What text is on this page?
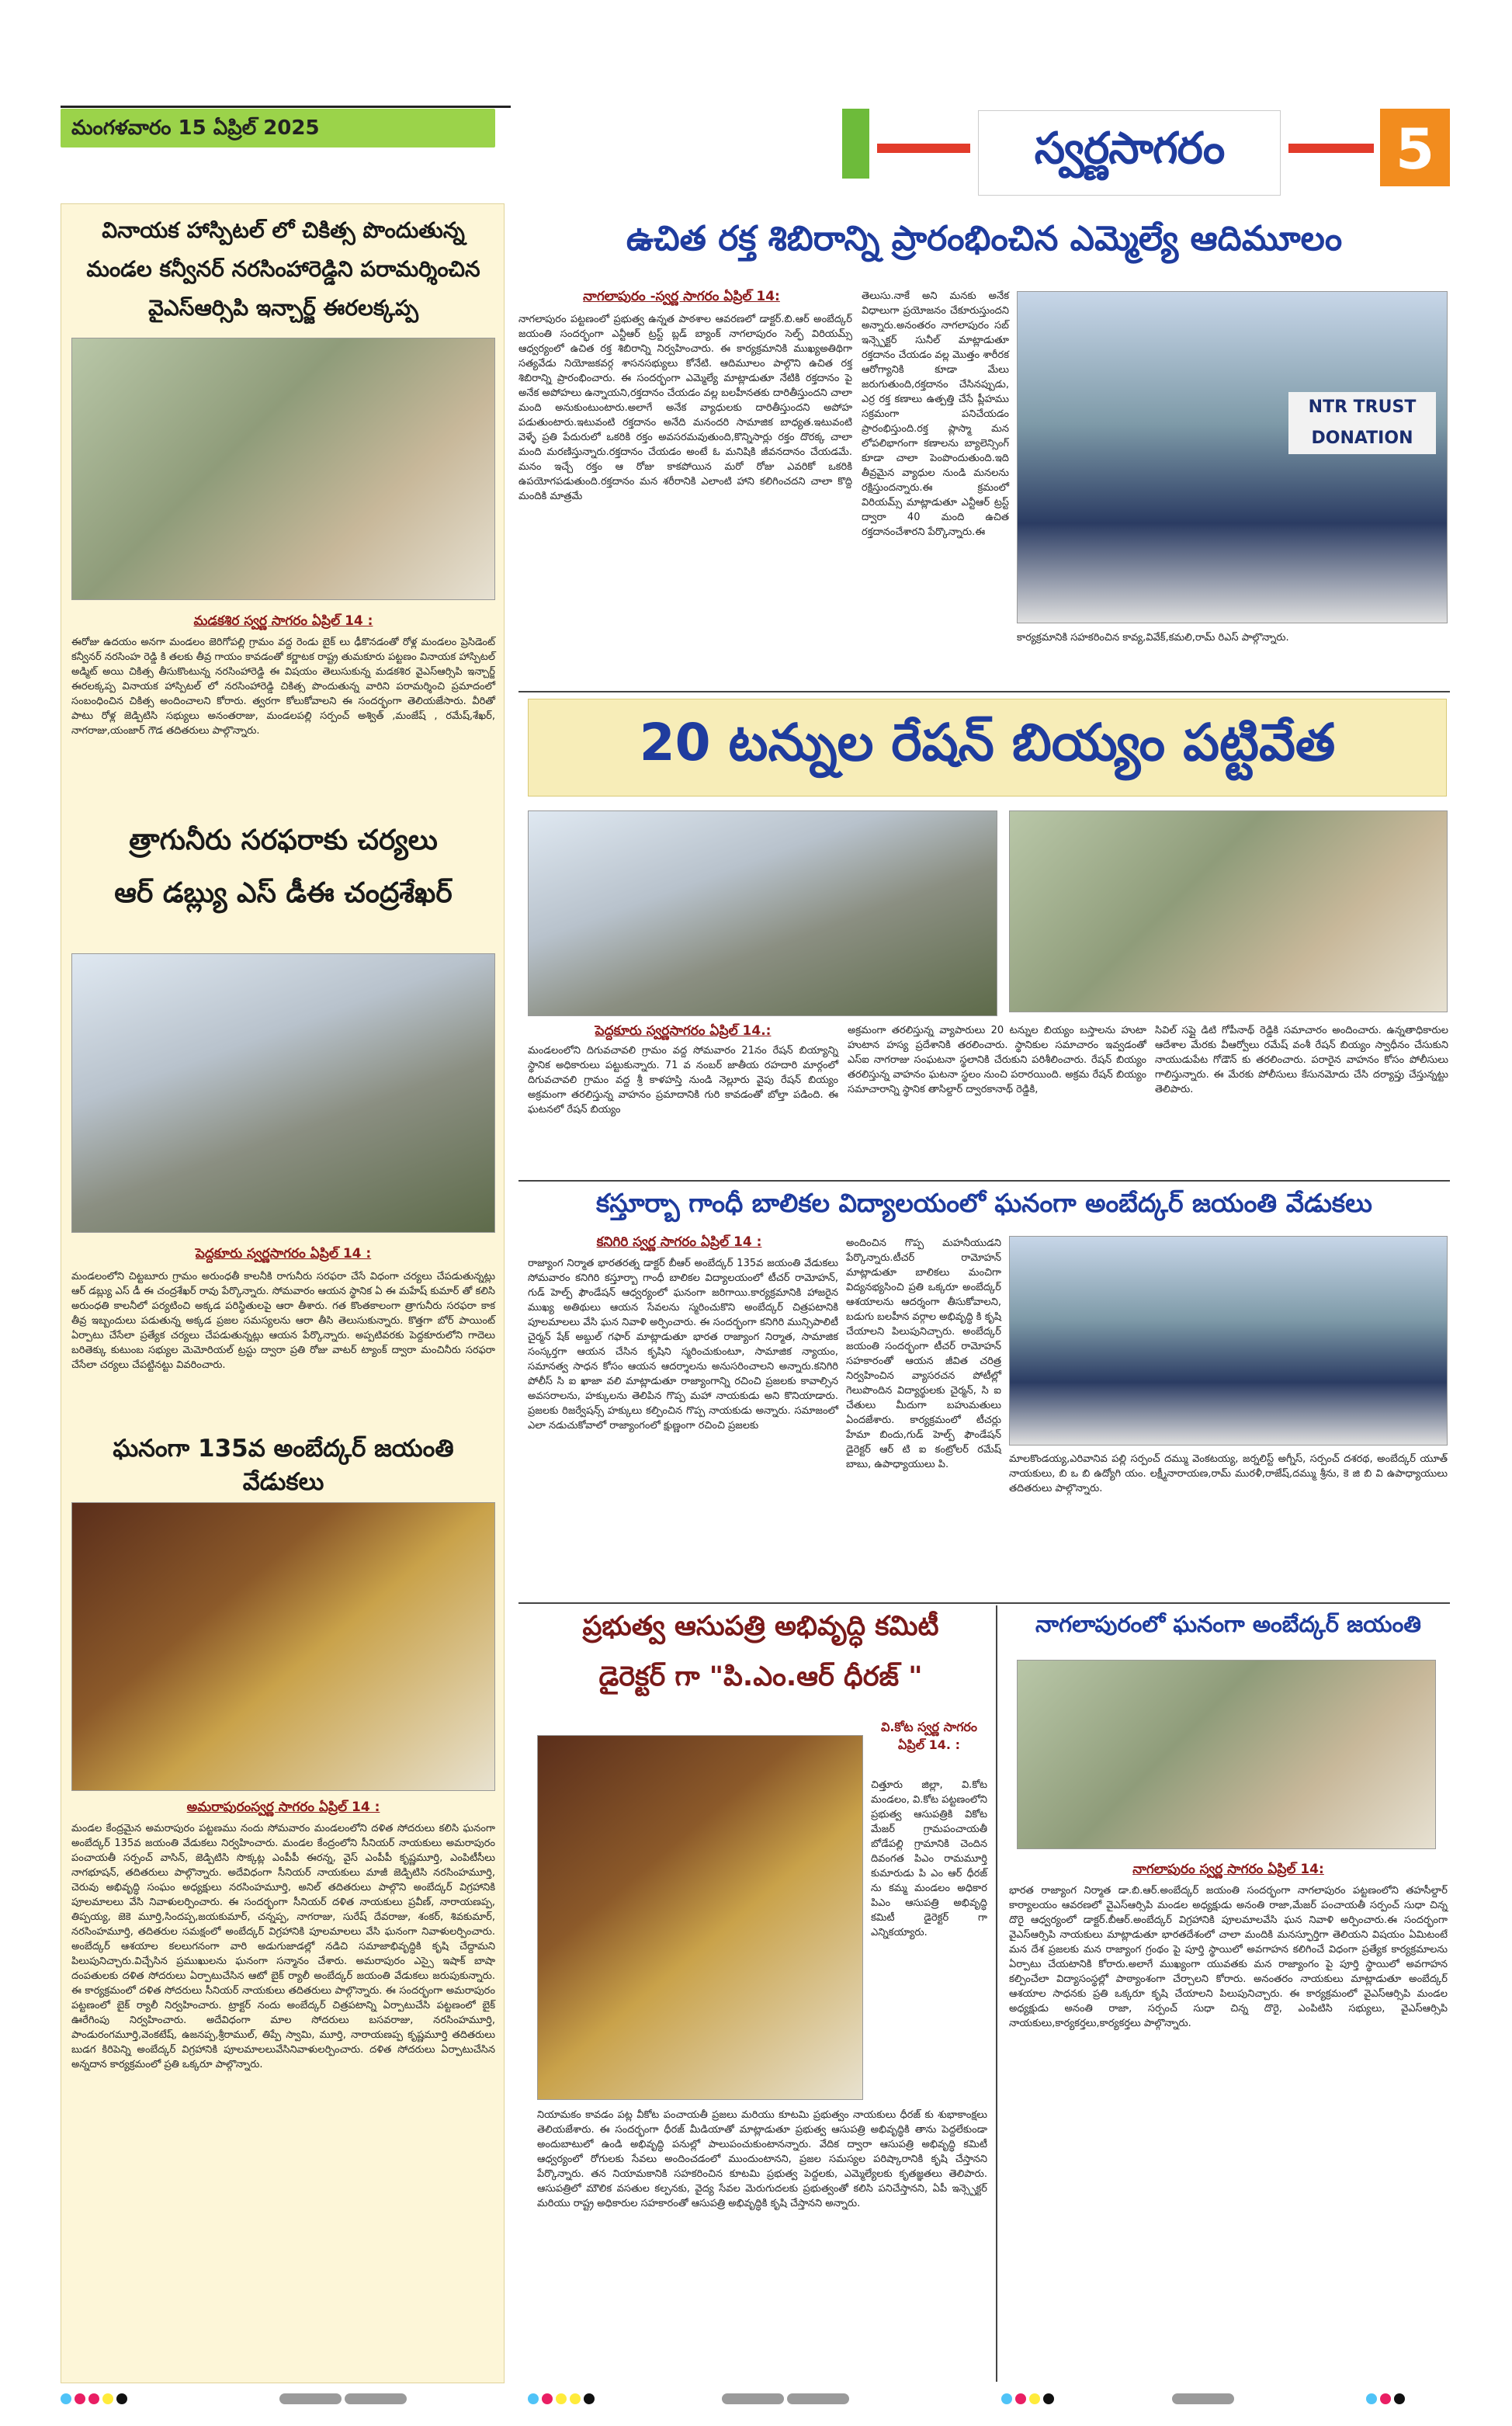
మంగళవారం 15 ఏప్రిల్ 2025	స్వర్ణసాగరం	5
వినాయక హాస్పిటల్ లో చికిత్స పొందుతున్న మండల కన్వీనర్ నరసింహారెడ్డిని పరామర్శించిన వైఎస్ఆర్సిపి ఇన్చార్జ్ ఈరలక్కప్ప
మడకశిర స్వర్ణ సాగరం ఏప్రిల్ 14 :
ఈరోజు ఉదయం అనగా మండలం జెరిగోపల్లి గ్రామం వద్ద రెండు బైక్ లు ఢీకొనడంతో రోళ్ల మండలం ప్రెసిడెంట్ కన్వీనర్ నరసింహ రెడ్డి కి తలకు తీవ్ర గాయం కావడంతో కర్ణాటక రాష్ట్ర తుమకూరు పట్టణం వినాయక హాస్పిటల్ అడ్మిట్ అయి చికిత్స తీసుకొంటున్న నరసింహారెడ్డి ఈ విషయం తెలుసుకున్న మడకశిర వైఎస్ఆర్సిపి ఇన్చార్జ్ ఈరలక్కప్ప వినాయక హాస్పిటల్ లో నరసింహారెడ్డి చికిత్స పొందుతున్న వారిని పరామర్శించి ప్రమాదంలో సంబంధించిన చికిత్స అందించాలని కోరారు. త్వరగా కోలుకోవాలని ఈ సందర్భంగా తెలియజేసారు. వీరితో పాటు రోళ్ల జెడ్పిటిసి సభ్యులు అనంతరాజు, మండలపల్లి సర్పంచ్ అశ్విత్ ,మంజేష్ , రమేష్,శేఖర్, నాగరాజు,యంజార్ గౌడ తదితరులు పాల్గొన్నారు.
త్రాగునీరు సరఫరాకు చర్యలు
ఆర్ డబ్ల్యు ఎస్ డీఈ చంద్రశేఖర్
పెద్దకూరు స్వర్ణసాగరం ఏప్రిల్ 14 :
మండలంలోని చిట్టబూరు గ్రామం అరుంధతీ కాలనీకి రాగునీరు సరఫరా చేసే విధంగా చర్యలు చేపడుతున్నట్లు ఆర్ డబ్ల్యు ఎస్ డీ ఈ చంద్రశేఖర్ రావు పేర్కొన్నారు. సోమవారం ఆయన స్థానిక ఏ ఈ మహేష్ కుమార్ తో కలిసి అరుంధతి కాలనీలో పర్యటించి అక్కడ పరిస్థితులపై ఆరా తీశారు. గత కొంతకాలంగా త్రాగునీరు సరఫరా కాక తీవ్ర ఇబ్బందులు పడుతున్న అక్కడ ప్రజల సమస్యలను ఆరా తీసి తెలుసుకున్నారు. కొత్తగా బోర్ పాయింట్ ఏర్పాటు చేసేలా ప్రత్యేక చర్యలు చేపడుతున్నట్లు ఆయన పేర్కొన్నారు. అప్పటివరకు పెద్దకూరులోని గాదెలు బరితెక్కు కుటుంబ సభ్యుల మెమోరియల్ ట్రస్టు ద్వారా ప్రతి రోజు వాటర్ ట్యాంక్ ద్వారా మంచినీరు సరఫరా చేసేలా చర్యలు చేపట్టినట్టు వివరించారు.
ఘనంగా 135వ అంబేద్కర్ జయంతి వేడుకలు
అమరాపురంస్వర్ణ సాగరం ఏప్రిల్ 14 :
మండల కేంద్రమైన అమరాపురం పట్టణము నందు సోమవారం మండలంలోని దళిత సోదరులు కలిసి ఘనంగా అంబేద్కర్ 135వ జయంతి వేడుకలు నిర్వహించారు. మండల కేంద్రంలోని సీనియర్ నాయకులు అమరాపురం పంచాయతీ సర్పంచ్ వాసిన్, జెడ్పిటిసి సొక్కట్ల ఎంపీపీ ఈరన్న, వైస్ ఎంపీపీ కృష్ణమూర్తి, ఎంపిటీసీలు నాగభూషన్, తదితరులు పాల్గొన్నారు. అదేవిధంగా సీనియర్ నాయకులు మాజీ జెడ్పిటిసి నరసింహమూర్తి, చెరువు అభివృద్ధి సంఘం అధ్యక్షులు నరసింహమూర్తి, అనిల్ తదితరులు పాల్గొని అంబేద్కర్ విగ్రహానికి పూలమాలలు వేసి నివాళులర్పించారు. ఈ సందర్భంగా సీనియర్ దళిత నాయకులు ప్రవీణ్, నారాయణప్ప, తిప్పయ్య, జెకె మూర్తి,సిందప్ప,జయకుమార్, చన్నప్ప, నాగరాజు, సురేష్ దేవరాజు, శంకర్, శివకుమార్, నరసింహమూర్తి, తదితరుల సమక్షంలో అంబేద్కర్ విగ్రహానికి పూలమాలలు వేసి ఘనంగా నివాళులర్పించారు. అంబేద్కర్ ఆశయాల కలలుగనంగా వారి అడుగుజాడల్లో నడిచి సమాజాభివృద్ధికి కృషి చేద్దామని పిలుపునిచ్చారు.విచ్చేసిన ప్రముఖులను ఘనంగా సన్మానం చేశారు. అమరాపురం ఎస్సై ఇషాక్ బాషా దంపతులకు దళిత సోదరులు ఏర్పాటుచేసిన ఆటో బైక్ ర్యాలీ అంబేద్కర్ జయంతి వేడుకలు జరుపుకున్నారు. ఈ కార్యక్రమంలో దళిత సోదరులు సీనియర్ నాయకులు తదితరులు పాల్గొన్నారు. ఈ సందర్భంగా అమరాపురం పట్టణంలో బైక్ ర్యాలీ నిర్వహించారు. ట్రాక్టర్ నందు అంబేద్కర్ చిత్రపటాన్ని ఏర్పాటుచేసి పట్టణంలో బైక్ ఊరేగింపు నిర్వహించారు. అదేవిధంగా మాల సోదరులు బసవరాజు, నరసింహమూర్తి, పాండురంగమూర్తి,వెంకటేష్, ఉజనప్ప,శ్రీరాముల్, తిప్పే స్వామి, మూర్తి, నారాయణప్ప కృష్ణమూర్తి తదితరులు బుడగ కిరిపెన్ని అంబేద్కర్ విగ్రహానికి పూలమాలలువేసినివాళులర్పించారు. దళిత సోదరులు ఏర్పాటుచేసిన అన్నదాన కార్యక్రమంలో ప్రతి ఒక్కరూ పాల్గొన్నారు.
ఉచిత రక్త శిబిరాన్ని ప్రారంభించిన ఎమ్మెల్యే ఆదిమూలం
నాగలాపురం -స్వర్ణ సాగరం ఏప్రిల్ 14:
నాగలాపురం పట్టణంలో ప్రభుత్వ ఉన్నత పాఠశాల ఆవరణలో డాక్టర్.బి.ఆర్ అంబేద్కర్ జయంతి సందర్భంగా ఎన్టీఆర్ ట్రస్ట్ బ్లడ్ బ్యాంక్ నాగలాపురం సెల్ఫ్ విరియమ్స్ ఆధ్వర్యంలో ఉచిత రక్త శిబిరాన్ని నిర్వహించారు. ఈ కార్యక్రమానికి ముఖ్యఅతిథిగా సత్యవేడు నియోజకవర్గ శాసనసభ్యులు కోనేటి. ఆదిమూలం పాల్గొని ఉచిత రక్త శిబిరాన్ని ప్రారంభించారు. ఈ సందర్భంగా ఎమ్మెల్యే మాట్లాడుతూ నేటికి రక్తదానం పై అనేక అపోహలు ఉన్నాయని,రక్తదానం చేయడం వల్ల బలహీనతకు దారితీస్తుందని చాలా మంది అనుకుంటుంటారు.అలాగే అనేక వ్యాధులకు దారితీస్తుందని అపోహ పడుతుంటారు.ఇటువంటి రక్తదానం అనేది మనందరి సామాజిక బాధ్యత.ఇటువంటి వెళ్ళే ప్రతి పేదురులో ఒకరికి రక్తం అవసరమవుతుంది,కొన్నిసార్లు రక్తం దొరక్క చాలా మంది మరణిస్తున్నారు.రక్తదానం చేయడం అంటే ఓ మనిషికి జీవనదానం చేయడమే. మనం ఇచ్చే రక్తం ఆ రోజు కాకపోయిన మరో రోజు ఎవరికో ఒకరికి ఉపయోగపడుతుంది.రక్తదానం మన శరీరానికి ఎలాంటి హాని కలిగించదని చాలా కొద్ది మందికి మాత్రమే
తెలుసు.నాకే అని మనకు అనేక విధాలుగా ప్రయోజనం చేకూరుస్తుందని అన్నారు.అనంతరం నాగలాపురం సబ్ ఇన్స్పెక్టర్ సునీల్ మాట్లాడుతూ రక్తదానం చేయడం వల్ల మొత్తం శారీరక ఆరోగ్యానికి కూడా మేలు జరుగుతుంది,రక్తదానం చేసినప్పుడు, ఎర్ర రక్త కణాలు ఉత్పత్తి చేసే ప్లీహము సక్రమంగా పనిచేయడం ప్రారంభిస్తుంది.రక్త ప్లాస్మా మన లోపలిభాగంగా కణాలను బ్యాలెన్సింగ్ కూడా చాలా పెంపొందుతుంది.ఇది తీవ్రమైన వ్యాధుల నుండి మనలను రక్షిస్తుందన్నారు.ఈ క్రమంలో విరియమ్స్ మాట్లాడుతూ ఎన్టీఆర్ ట్రస్ట్ ద్వారా 40 మంది ఉచిత రక్తదానంచేశారని పేర్కొన్నారు.ఈ
NTR TRUST DONATION
కార్యక్రమానికి సహకరించిన కావ్య,వివేక్,కమలి,రామ్ రిఎస్ పాల్గొన్నారు.
20 టన్నుల రేషన్ బియ్యం పట్టివేత
పెద్దకూరు స్వర్ణసాగరం ఏప్రిల్ 14.:
మండలంలోని దిగువచావలి గ్రామం వద్ద సోమవారం 21నం రేషన్ బియ్యాన్ని స్థానిక అధికారులు పట్టుకున్నారు. 71 వ నంబర్ జాతీయ రహదారి మార్గంలో దిగువచావలి గ్రామం వద్ద శ్రీ కాళహస్తి నుండి నెల్లూరు వైపు రేషన్ బియ్యం అక్రమంగా తరలిస్తున్న వాహనం ప్రమాదానికి గురి కావడంతో బోల్తా పడింది. ఈ ఘటనలో రేషన్ బియ్యం
అక్రమంగా తరలిస్తున్న వ్యాపారులు 20 టన్నుల బియ్యం బస్తాలను హుటా హుటాన హస్య ప్రదేశానికి తరలించారు. స్థానికుల సమాచారం ఇవ్వడంతో ఎస్ఐ నాగరాజు సంఘటనా స్థలానికి చేరుకుని పరిశీలించారు. రేషన్ బియ్యం తరలిస్తున్న వాహనం ఘటనా స్థలం నుంచి పరారయింది. అక్రమ రేషన్ బియ్యం సమాచారాన్ని స్థానిక తాసిల్దార్ ద్వారకానాథ్ రెడ్డికి,
సివిల్ సప్లై డిటి గోపీనాథ్ రెడ్డికి సమాచారం అందించారు. ఉన్నతాధికారుల ఆదేశాల మేరకు వీఆర్వోలు రమేష్ వంశీ రేషన్ బియ్యం స్వాధీనం చేసుకుని నాయుడుపేట గోడౌన్ కు తరలించారు. పరారైన వాహనం కోసం పోలీసులు గాలిస్తున్నారు. ఈ మేరకు పోలీసులు కేసునమోదు చేసి దర్యాప్తు చేస్తున్నట్టు తెలిపారు.
కస్తూర్బా గాంధీ బాలికల విద్యాలయంలో ఘనంగా అంబేద్కర్ జయంతి వేడుకలు
కనిగిరి స్వర్ణ సాగరం ఏప్రిల్ 14 :
రాజ్యాంగ నిర్మాత భారతరత్న డాక్టర్ బీఆర్ అంబేద్కర్ 135వ జయంతి వేడుకలు సోమవారం కనిగిరి కస్తూర్బా గాంధీ బాలికల విద్యాలయంలో టీచర్ రామోహన్, గుడ్ హెల్ప్ ఫౌండేషన్ ఆధ్వర్యంలో ఘనంగా జరిగాయి.కార్యక్రమానికి హాజరైన ముఖ్య అతిథులు ఆయన సేవలను స్మరించుకొని అంబేద్కర్ చిత్రపటానికి పూలమాలలు వేసి ఘన నివాళి అర్పించారు. ఈ సందర్భంగా కనిగిరి మున్సిపాలిటీ చైర్మన్ షేక్ అబ్దుల్ గఫార్ మాట్లాడుతూ భారత రాజ్యాంగ నిర్మాత, సామాజిక సంస్కర్తగా ఆయన చేసిన కృషిని స్మరించుకుంటూ, సామాజిక న్యాయం, సమానత్వ సాధన కోసం ఆయన ఆదర్శాలను అనుసరించాలని అన్నారు.కనిగిరి పోలీస్ సి ఐ ఖాజా వలి మాట్లాడుతూ రాజ్యాంగాన్ని రచించి ప్రజలకు కావాల్సిన అవసరాలను, హక్కులను తెలిపిన గొప్ప మహా నాయకుడు అని కొనియాడారు. ప్రజలకు రిజర్వేషన్స్ హక్కులు కల్పించిన గొప్ప నాయకుడు అన్నారు. సమాజంలో ఎలా నడుచుకోవాలో రాజ్యాంగంలో క్షుణ్ణంగా రచించి ప్రజలకు
అందించిన గొప్ప మహనీయుడని పేర్కొన్నారు.టీచర్ రామోహన్ మాట్లాడుతూ బాలికలు మంచిగా విద్యనభ్యసించి ప్రతి ఒక్కరూ అంబేద్కర్ ఆశయాలను ఆదర్శంగా తీసుకోవాలని, బడుగు బలహీన వర్గాల అభివృద్ధి కి కృషి చేయాలని పిలుపునిచ్చారు. అంబేద్కర్ జయంతి సందర్భంగా టీచర్ రామోహన్ సహకారంతో ఆయన జీవిత చరిత్ర నిర్వహించిన వ్యాసరచన పోటీల్లో గెలుపొందిన విద్యార్థులకు చైర్మన్, సి ఐ చేతులు మీదుగా బహుమతులు ఏందజేశారు. కార్యక్రమంలో టీచర్లు హేమా బిందు,గుడ్ హెల్ప్ ఫౌండేషన్ డైరెక్టర్ ఆర్ టి ఐ కంట్రోలర్ రమేష్ బాబు, ఉపాధ్యాయులు పి.	మాలకొండయ్య,ఎరివానివ పల్లి సర్పంచ్ దమ్ము వెంకటయ్య, జర్నలిస్ట్ అగ్నీస్, సర్పంచ్ దశరథ, అంబేద్కర్ యూత్ నాయకులు, బి ఒ బి ఉద్యోగి యం. లక్ష్మీనారాయణ,రామ్ మురళీ,రాజేష్,దమ్ము శ్రీను, కె జి బి వి ఉపాధ్యాయులు తదితరులు పాల్గొన్నారు.
ప్రభుత్వ ఆసుపత్రి అభివృద్ధి కమిటీ
డైరెక్టర్ గా "పి.ఎం.ఆర్ ధీరజ్ "
వి.కోట స్వర్ణ సాగరం ఏప్రిల్ 14. :
చిత్తూరు జిల్లా, వి.కోట మండలం, వి.కోట పట్టణంలోని ప్రభుత్వ ఆసుపత్రికి వికోట మేజర్ గ్రామపంచాయతీ బోడేపల్లి గ్రామానికి చెందిన దివంగత పిఎం రామమూర్తి కుమారుడు పి ఎం ఆర్ ధీరజ్ ను కమ్మ మండలం అధికార పిఎం ఆసుపత్రి అభివృద్ధి కమిటీ డైరెక్టర్ గా ఎన్నికయ్యారు.
నియామకం కావడం పట్ల వీకోట పంచాయతీ ప్రజలు మరియు కూటమి ప్రభుత్వం నాయకులు ధీరజ్ కు శుభాకాంక్షలు తెలియజేశారు. ఈ సందర్భంగా ధీరజ్ మీడియాతో మాట్లాడుతూ ప్రభుత్వ ఆసుపత్రి అభివృద్ధికి తాను పెద్దలేకుండా అందుబాటులో ఉండి అభివృద్ధి పనుల్లో పాలుపంచుకుంటానన్నారు. వేదిక ద్వారా ఆసుపత్రి అభివృద్ధి కమిటీ ఆధ్వర్యంలో రోగులకు సేవలు అందించడంలో ముందుంటానని, ప్రజల సమస్యల పరిష్కారానికి కృషి చేస్తానని పేర్కొన్నారు. తన నియామకానికి సహకరించిన కూటమి ప్రభుత్వ పెద్దలకు, ఎమ్మెల్యేలకు కృతజ్ఞతలు తెలిపారు. ఆసుపత్రిలో మౌలిక వసతుల కల్పనకు, వైద్య సేవల మెరుగుదలకు ప్రభుత్వంతో కలిసి పనిచేస్తానని, ఏపీ ఇన్స్పెక్టర్ మరియు రాష్ట్ర అధికారుల సహకారంతో ఆసుపత్రి అభివృద్ధికి కృషి చేస్తానని అన్నారు.
నాగలాపురంలో ఘనంగా అంబేద్కర్ జయంతి
నాగలాపురం స్వర్ణ సాగరం ఏప్రిల్ 14:
భారత రాజ్యాంగ నిర్మాత డా.బి.ఆర్.అంబేద్కర్ జయంతి సందర్భంగా నాగలాపురం పట్టణంలోని తహసీల్దార్ కార్యాలయం ఆవరణలో వైఎస్ఆర్సిపి మండల అధ్యక్షుడు అనంతి రాజా,మేజర్ పంచాయతీ సర్పంచ్ సుధా చిన్న దొరై ఆధ్వర్యంలో డాక్టర్.బీఆర్.అంబేద్కర్ విగ్రహానికి పూలమాలవేసి ఘన నివాళి అర్పించారు.ఈ సందర్భంగా వైఎస్ఆర్సిపి నాయకులు మాట్లాడుతూ భారతదేశంలో చాలా మందికి మనస్ఫూర్తిగా తెలియని విషయం ఏమిటంటే మన దేశ ప్రజలకు మన రాజ్యాంగ గ్రంథం పై పూర్తి స్థాయిలో అవగాహన కలిగించే విధంగా ప్రత్యేక కార్యక్రమాలను ఏర్పాటు చేయటానికి కోరారు.అలాగే ముఖ్యంగా యువతకు మన రాజ్యాంగం పై పూర్తి స్థాయిలో అవగాహన కల్పించేలా విద్యాసంస్థల్లో పాఠ్యాంశంగా చేర్చాలని కోరారు. అనంతరం నాయకులు మాట్లాడుతూ అంబేద్కర్ ఆశయాల సాధనకు ప్రతి ఒక్కరూ కృషి చేయాలని పిలుపునిచ్చారు. ఈ కార్యక్రమంలో వైఎస్ఆర్సిపి మండల అధ్యక్షుడు అనంతి రాజా, సర్పంచ్ సుధా చిన్న దొరై, ఎంపిటిసి సభ్యులు, వైఎస్ఆర్సిపి నాయకులు,కార్యకర్తలు,కార్యకర్తలు పాల్గొన్నారు.
